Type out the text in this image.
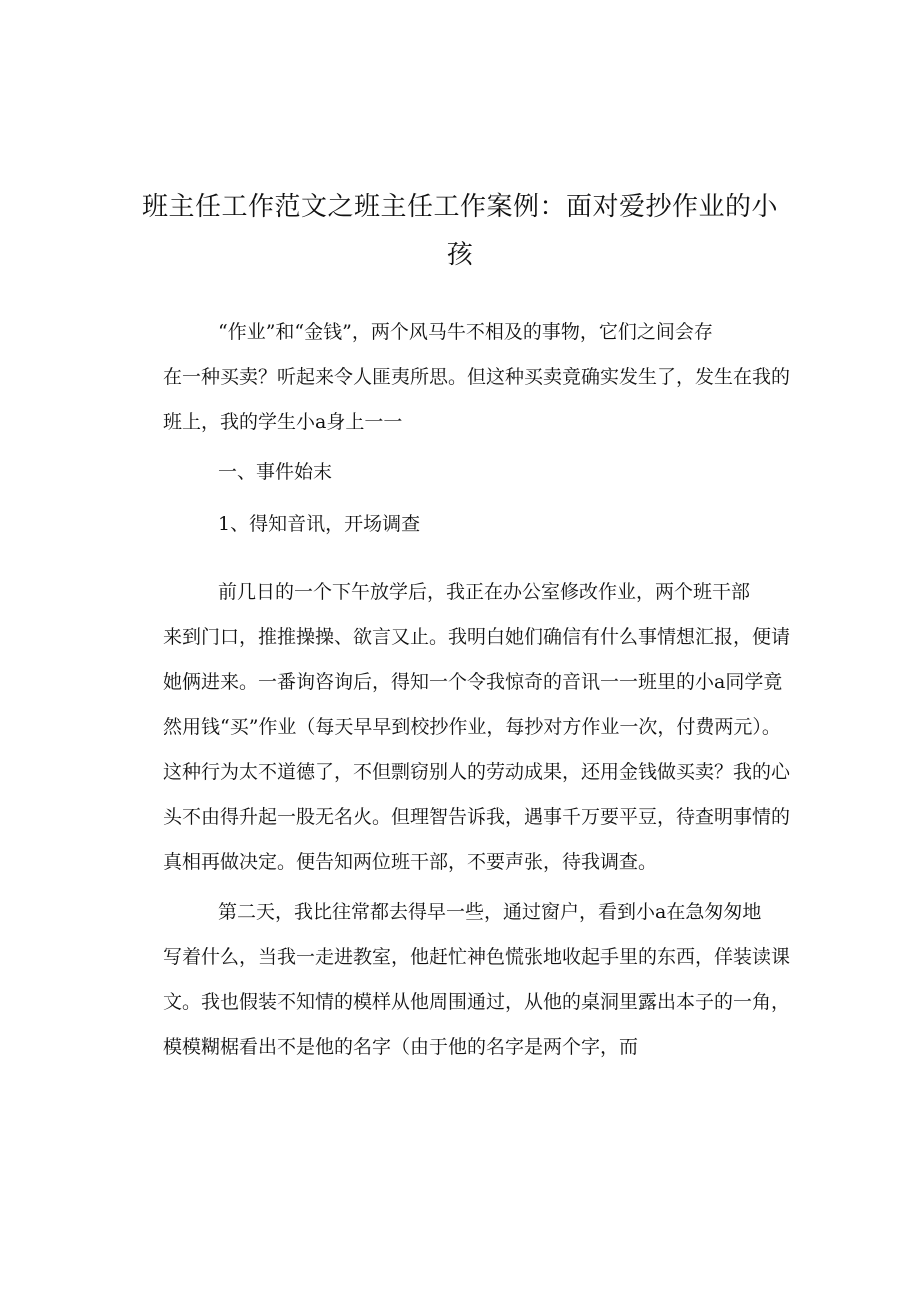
班主任工作范文之班主任工作案例：面对爱抄作业的小
孩
“作业”和“金钱”，两个风马牛不相及的事物，它们之间会存
在一种买卖？听起来令人匪夷所思。但这种买卖竟确实发生了，发生在我的
班上，我的学生小a身上一一
一、事件始末
1、得知音讯，开场调查
前几日的一个下午放学后，我正在办公室修改作业，两个班干部
来到门口，推推操操、欲言又止。我明白她们确信有什么事情想汇报，便请
她俩进来。一番询咨询后，得知一个令我惊奇的音讯一一班里的小a同学竟
然用钱“买”作业（每天早早到校抄作业，每抄对方作业一次，付费两元）。
这种行为太不道德了，不但剽窃别人的劳动成果，还用金钱做买卖？我的心
头不由得升起一股无名火。但理智告诉我，遇事千万要平豆，待查明事情的
真相再做决定。便告知两位班干部，不要声张，待我调查。
第二天，我比往常都去得早一些，通过窗户，看到小a在急匆匆地
写着什么，当我一走进教室，他赶忙神色慌张地收起手里的东西，佯装读课
文。我也假装不知情的模样从他周围通过，从他的桌洞里露出本子的一角，
模模糊椐看出不是他的名字（由于他的名字是两个字，而
